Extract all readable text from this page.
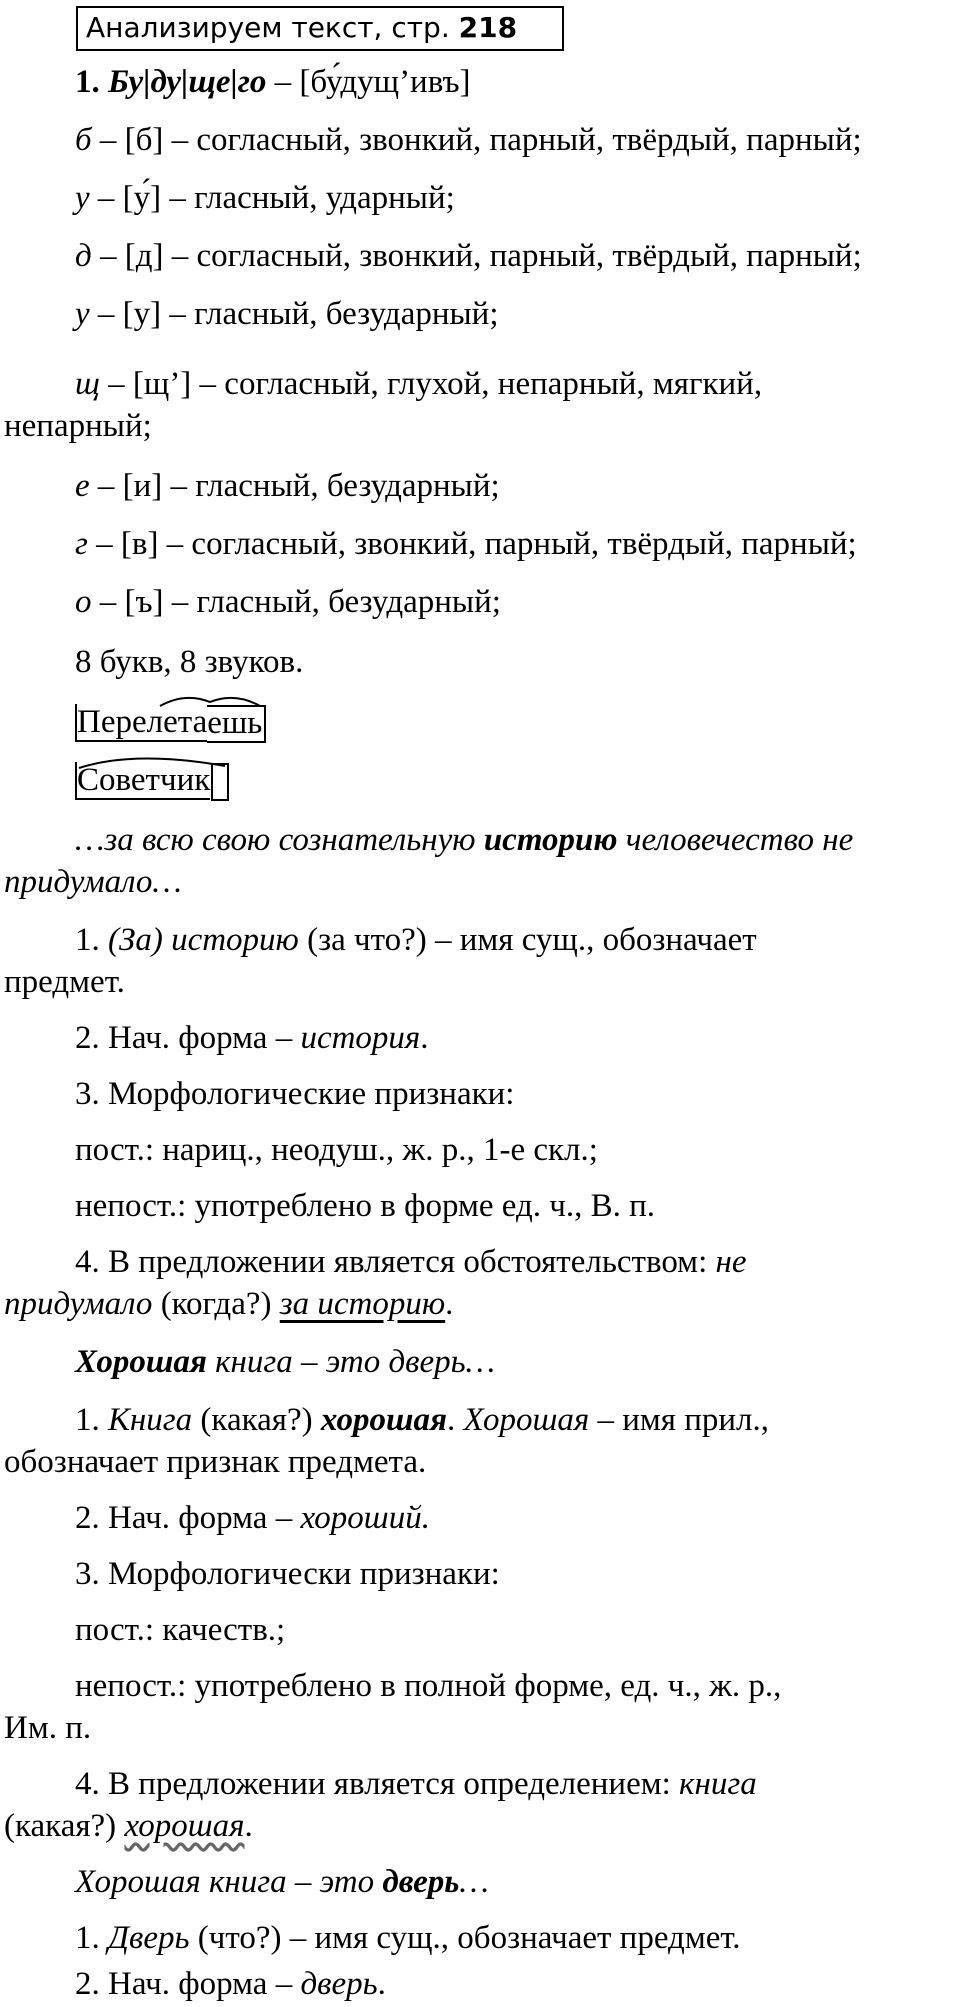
Анализируем текст, стр. 218
1. Бу|ду|ще|го – [бу́дущ’ивъ]
б – [б] – согласный, звонкий, парный, твёрдый, парный;
у – [у́] – гласный, ударный;
д – [д] – согласный, звонкий, парный, твёрдый, парный;
у – [у] – гласный, безударный;
щ – [щ’] – согласный, глухой, непарный, мягкий,
непарный;
е – [и] – гласный, безударный;
г – [в] – согласный, звонкий, парный, твёрдый, парный;
о – [ъ] – гласный, безударный;
8 букв, 8 звуков.
Перелетаешь
Советчик
…за всю свою сознательную историю человечество не
придумало…
1. (За) историю (за что?) – имя сущ., обозначает
предмет.
2. Нач. форма – история.
3. Морфологические признаки:
пост.: нариц., неодуш., ж. р., 1-е скл.;
непост.: употреблено в форме ед. ч., В. п.
4. В предложении является обстоятельством: не
придумало (когда?) за историю.
Хорошая книга – это дверь…
1. Книга (какая?) хорошая. Хорошая – имя прил.,
обозначает признак предмета.
2. Нач. форма – хороший.
3. Морфологически признаки:
пост.: качеств.;
непост.: употреблено в полной форме, ед. ч., ж. р.,
Им. п.
4. В предложении является определением: книга
(какая?) хорошая.
Хорошая книга – это дверь…
1. Дверь (что?) – имя сущ., обозначает предмет.
2. Нач. форма – дверь.
